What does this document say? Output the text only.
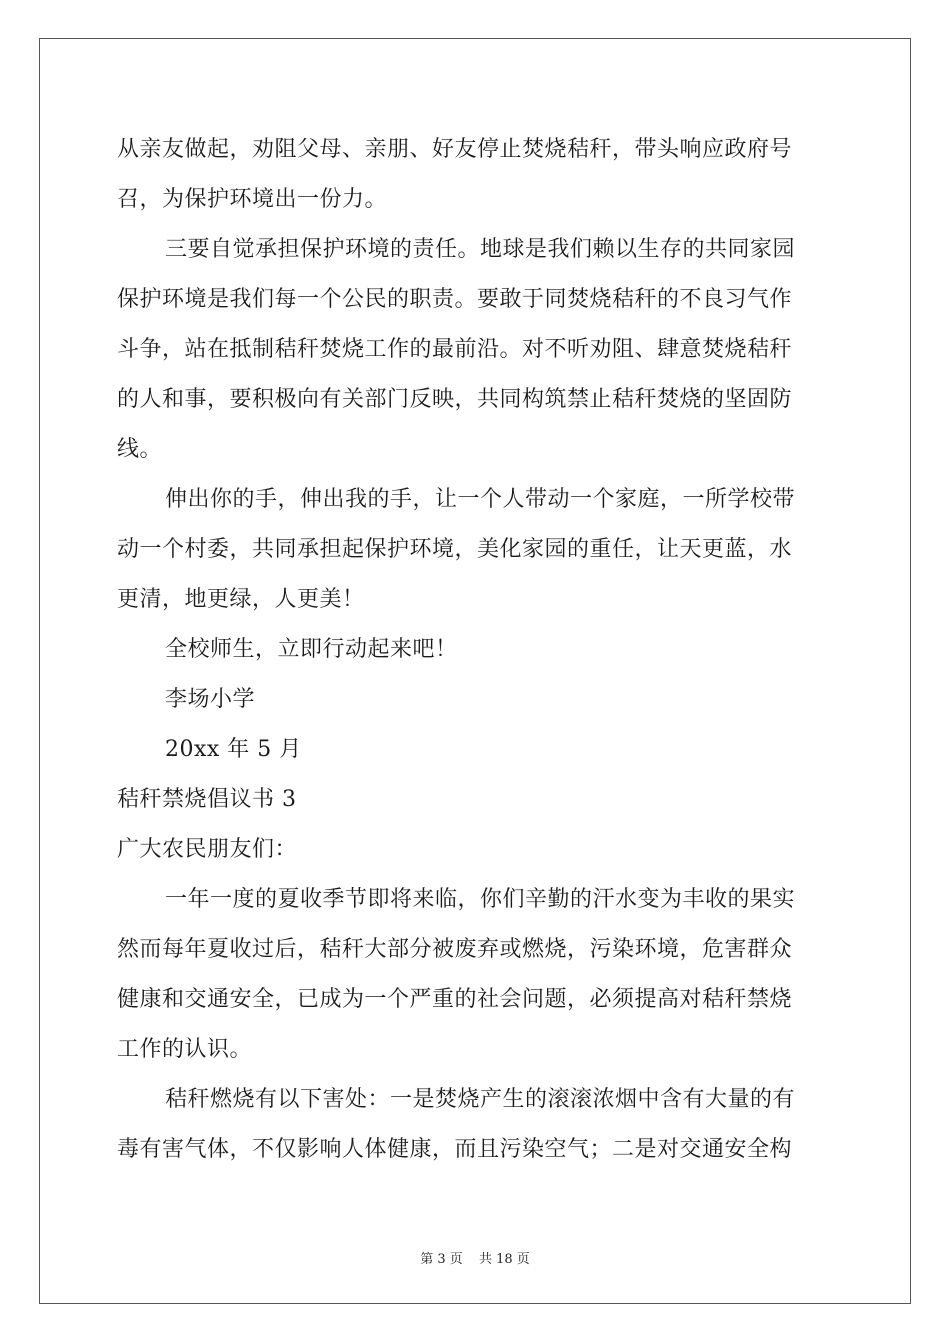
从亲友做起，劝阻父母、亲朋、好友停止焚烧秸秆，带头响应政府号
召，为保护环境出一份力。
三要自觉承担保护环境的责任。地球是我们赖以生存的共同家园
保护环境是我们每一个公民的职责。要敢于同焚烧秸秆的不良习气作
斗争，站在抵制秸秆焚烧工作的最前沿。对不听劝阻、肆意焚烧秸秆
的人和事，要积极向有关部门反映，共同构筑禁止秸秆焚烧的坚固防
线。
伸出你的手，伸出我的手，让一个人带动一个家庭，一所学校带
动一个村委，共同承担起保护环境，美化家园的重任，让天更蓝，水
更清，地更绿，人更美！
全校师生，立即行动起来吧！
李场小学
20xx 年 5 月
秸秆禁烧倡议书 3
广大农民朋友们：
一年一度的夏收季节即将来临，你们辛勤的汗水变为丰收的果实
然而每年夏收过后，秸秆大部分被废弃或燃烧，污染环境，危害群众
健康和交通安全，已成为一个严重的社会问题，必须提高对秸秆禁烧
工作的认识。
秸秆燃烧有以下害处：一是焚烧产生的滚滚浓烟中含有大量的有
毒有害气体，不仅影响人体健康，而且污染空气；二是对交通安全构
第 3 页 共 18 页
